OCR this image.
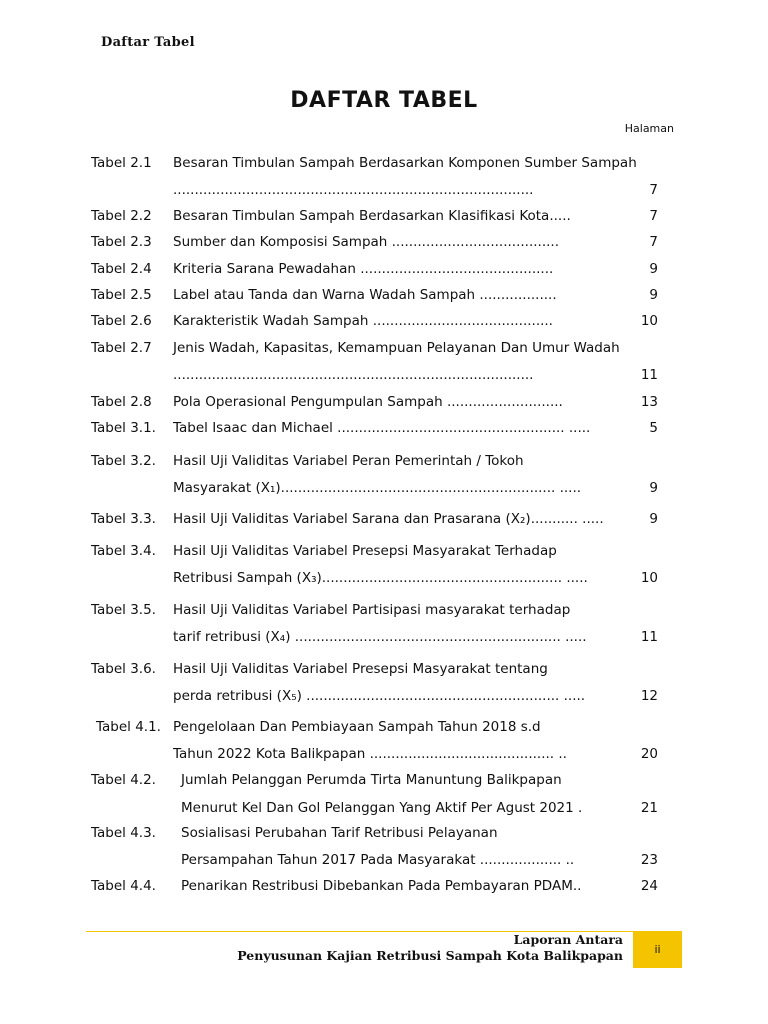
Daftar Tabel
DAFTAR TABEL
Halaman
Tabel 2.1 Besaran Timbulan Sampah Berdasarkan Komponen Sumber Sampah
....................................................................................	7
Tabel 2.2 Besaran Timbulan Sampah Berdasarkan Klasifikasi Kota.....	7
Tabel 2.3 Sumber dan Komposisi Sampah .......................................	7
Tabel 2.4 Kriteria Sarana Pewadahan .............................................	9
Tabel 2.5 Label atau Tanda dan Warna Wadah Sampah ..................	9
Tabel 2.6 Karakteristik Wadah Sampah ..........................................	10
Tabel 2.7 Jenis Wadah, Kapasitas, Kemampuan Pelayanan Dan Umur Wadah
....................................................................................	11
Tabel 2.8 Pola Operasional Pengumpulan Sampah ...........................	13
Tabel 3.1. Tabel Isaac dan Michael ..................................................... .....	5
Tabel 3.2. Hasil Uji Validitas Variabel Peran Pemerintah / Tokoh
Masyarakat (X₁)................................................................ .....	9
Tabel 3.3. Hasil Uji Validitas Variabel Sarana dan Prasarana (X₂)........... .....	9
Tabel 3.4. Hasil Uji Validitas Variabel Presepsi Masyarakat Terhadap
Retribusi Sampah (X₃)........................................................ .....	10
Tabel 3.5. Hasil Uji Validitas Variabel Partisipasi masyarakat terhadap
tarif retribusi (X₄) .............................................................. .....	11
Tabel 3.6. Hasil Uji Validitas Variabel Presepsi Masyarakat tentang
perda retribusi (X₅) ........................................................... .....	12
Tabel 4.1. Pengelolaan Dan Pembiayaan Sampah Tahun 2018 s.d
Tahun 2022 Kota Balikpapan ........................................... ..	20
Tabel 4.2. Jumlah Pelanggan Perumda Tirta Manuntung Balikpapan
Menurut Kel Dan Gol Pelanggan Yang Aktif Per Agust 2021 .	21
Tabel 4.3. Sosialisasi Perubahan Tarif Retribusi Pelayanan
Persampahan Tahun 2017 Pada Masyarakat ................... ..	23
Tabel 4.4. Penarikan Restribusi Dibebankan Pada Pembayaran PDAM..	24
Laporan Antara
Penyusunan Kajian Retribusi Sampah Kota Balikpapan	ii
